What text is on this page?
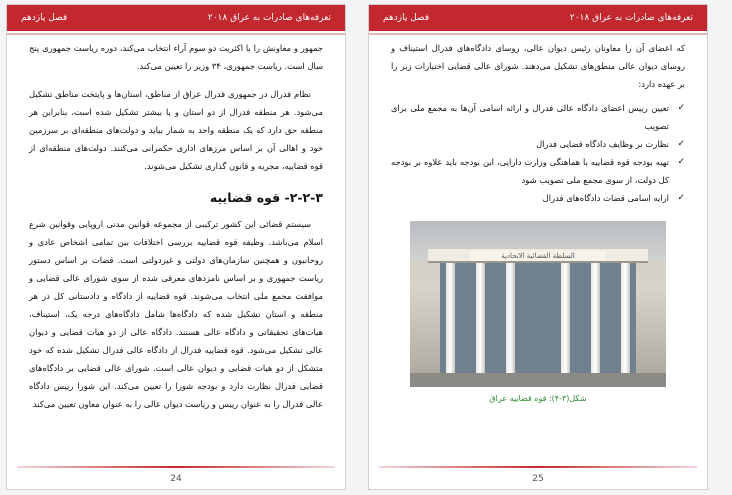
تعرفه‌های صادرات به عراق ۲۰۱۸
فصل یازدهم

جمهور و معاونش را با اکثریت دو سوم آراء انتخاب می‌کند، دوره ریاست جمهوری پنج سال است. ریاست جمهوری، ۳۴ وزیر را تعیین می‌کند.

نظام فدرال در جمهوری فدرال عراق از مناطق، استان‌ها و پایتخت مناطق تشکیل می‌شود. هر منطقه فدرال از دو استان و یا بیشتر تشکیل شده است، بنابراین هر منطقه حق دارد که یک منطقه واحد به شمار بیاید و دولت‌های منطقه‌ای بر سرزمین خود و اهالی آن بر اساس مرزهای اداری حکمرانی می‌کنند. دولت‌های منطقه‌ای از قوه قضاییه، مجریه و قانون گذاری تشکیل می‌شوند.

۲-۲-۳- قوه قضاییه

سیستم قضائی این کشور ترکیبی از مجموعه قوانین مدنی اروپایی وقوانین شرع اسلام می‌باشد. وظیفه قوه قضاییه بررسی اختلافات بین تمامی اشخاص عادی و روحانیون و همچنین سازمان‌های دولتی و غیردولتی است. قضات بر اساس دستور ریاست جمهوری و بر اساس نامزدهای معرفی شده از سوی شورای عالی قضایی و موافقت مجمع ملی انتخاب می‌شوند. قوه قضاییه از دادگاه و دادستانی کل در هر منطقه و استان تشکیل شده که دادگاه‌ها شامل دادگاه‌های درجه یک، استیناف، هیات‌های تحقیقاتی و دادگاه عالی هستند. دادگاه عالی از دو هیات قضایی و دیوان عالی تشکیل می‌شود. قوه قضاییه فدرال از دادگاه عالی فدرال تشکیل شده که خود متشکل از دو هیات قضایی و دیوان عالی است. شورای عالی قضایی بر دادگاه‌های قضایی فدرال نظارت دارد و بودجه شورا را تعیین می‌کند. این شورا رییس دادگاه عالی فدرال را به عنوان رییس و ریاست دیوان عالی را به عنوان معاون تعیین می‌کند

24
تعرفه‌های صادرات به عراق ۲۰۱۸
فصل یازدهم

که اعضای آن را معاونان رئیس دیوان عالی، روسای دادگاه‌های فدرال استیناف و روسای دیوان عالی منطق‌های تشکیل می‌دهند. شورای عالی قضایی اختیارات زیر را بر عهده دارد:

✓
تعیین رییس اعضای دادگاه عالی فدرال و ارائه اسامی آن‌ها به مجمع ملی برای تصویب
✓
نظارت بر وظایف دادگاه قضایی فدرال
✓
تهیه بودجه قوه قضاییه با هماهنگی وزارت دارایی، این بودجه باید علاوه بر بودجه کل دولت، از سوی مجمع ملی تصویب شود
✓
ارایه اسامی قضات دادگاه‌های فدرال
السلطة القضائية الاتحادية
شکل(۳-۴): قوه قضاییه عراق
25
